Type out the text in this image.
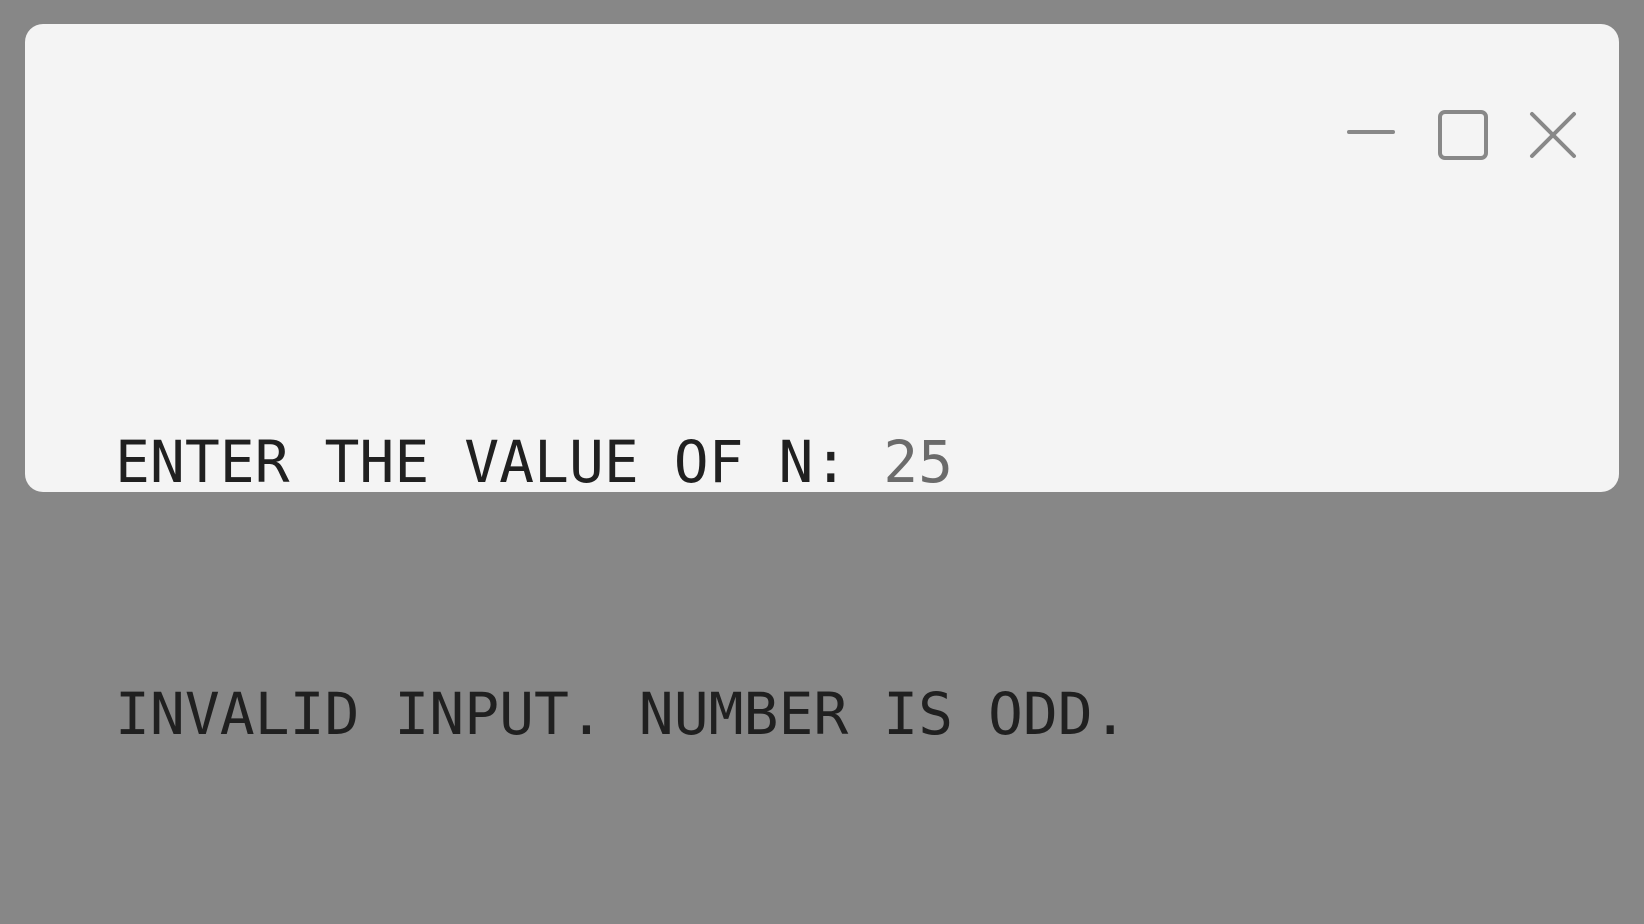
ENTER THE VALUE OF N: 25

INVALID INPUT. NUMBER IS ODD.
